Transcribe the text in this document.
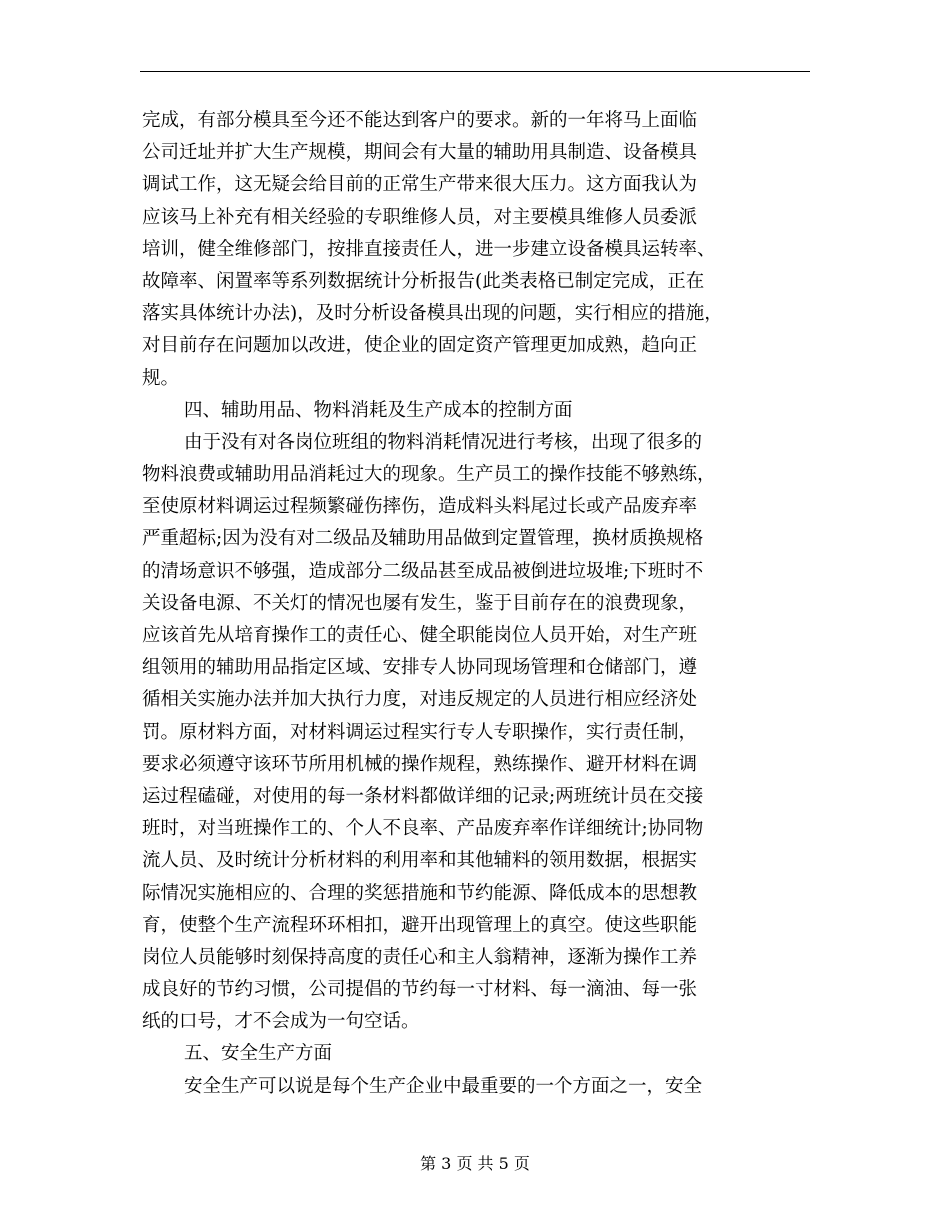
完成，有部分模具至今还不能达到客户的要求。新的一年将马上面临
公司迁址并扩大生产规模，期间会有大量的辅助用具制造、设备模具
调试工作，这无疑会给目前的正常生产带来很大压力。这方面我认为
应该马上补充有相关经验的专职维修人员，对主要模具维修人员委派
培训，健全维修部门，按排直接责任人，进一步建立设备模具运转率、
故障率、闲置率等系列数据统计分析报告(此类表格已制定完成，正在
落实具体统计办法)，及时分析设备模具出现的问题，实行相应的措施，
对目前存在问题加以改进，使企业的固定资产管理更加成熟，趋向正
规。
四、辅助用品、物料消耗及生产成本的控制方面
由于没有对各岗位班组的物料消耗情况进行考核，出现了很多的
物料浪费或辅助用品消耗过大的现象。生产员工的操作技能不够熟练，
至使原材料调运过程频繁碰伤摔伤，造成料头料尾过长或产品废弃率
严重超标;因为没有对二级品及辅助用品做到定置管理，换材质换规格
的清场意识不够强，造成部分二级品甚至成品被倒进垃圾堆;下班时不
关设备电源、不关灯的情况也屡有发生，鉴于目前存在的浪费现象，
应该首先从培育操作工的责任心、健全职能岗位人员开始，对生产班
组领用的辅助用品指定区域、安排专人协同现场管理和仓储部门，遵
循相关实施办法并加大执行力度，对违反规定的人员进行相应经济处
罚。原材料方面，对材料调运过程实行专人专职操作，实行责任制，
要求必须遵守该环节所用机械的操作规程，熟练操作、避开材料在调
运过程磕碰，对使用的每一条材料都做详细的记录;两班统计员在交接
班时，对当班操作工的、个人不良率、产品废弃率作详细统计;协同物
流人员、及时统计分析材料的利用率和其他辅料的领用数据，根据实
际情况实施相应的、合理的奖惩措施和节约能源、降低成本的思想教
育，使整个生产流程环环相扣，避开出现管理上的真空。使这些职能
岗位人员能够时刻保持高度的责任心和主人翁精神，逐渐为操作工养
成良好的节约习惯，公司提倡的节约每一寸材料、每一滴油、每一张
纸的口号，才不会成为一句空话。
五、安全生产方面
安全生产可以说是每个生产企业中最重要的一个方面之一，安全
第 3 页 共 5 页
